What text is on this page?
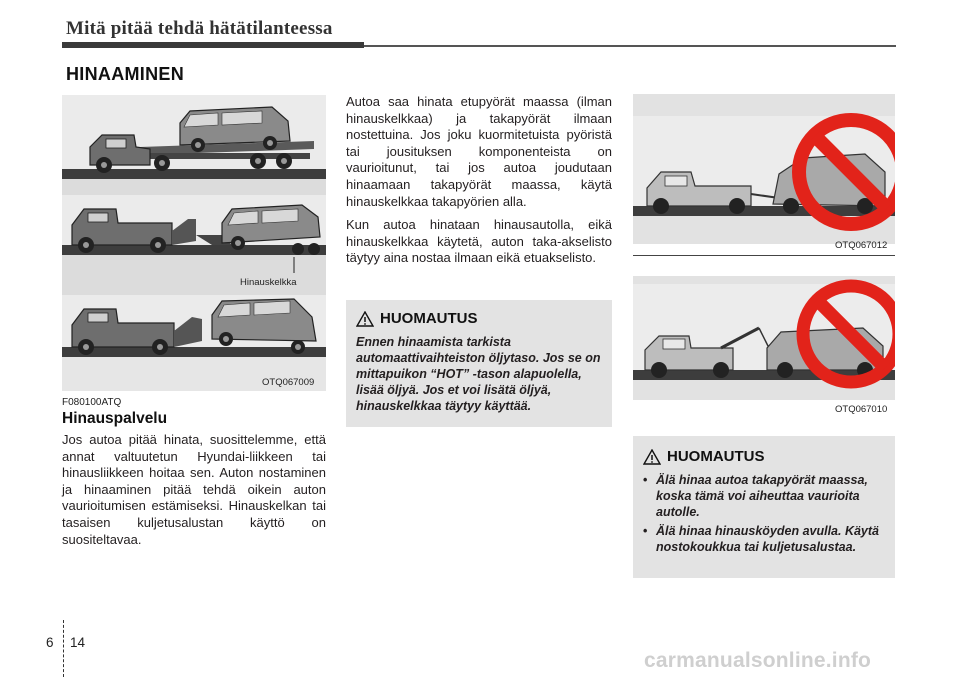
Mitä pitää tehdä hätätilanteessa
HINAAMINEN
Hinauskelkka
OTQ067009
F080100ATQ
Hinauspalvelu
Jos autoa pitää hinata, suosittelemme, että annat valtuutetun Hyundai-liikkeen tai hinausliikkeen hoitaa sen. Auton nostaminen ja hinaaminen pitää tehdä oikein auton vaurioitumisen estämiseksi. Hinauskelkan tai tasaisen kuljetusalustan käyttö on suositeltavaa.

Autoa saa hinata etupyörät maassa (ilman hinauskelkkaa) ja takapyörät ilmaan nostettuina. Jos joku kuormitetuista pyöristä tai jousituksen komponenteista on vaurioitunut, tai jos autoa joudutaan hinaamaan takapyörät maassa, käytä hinauskelkkaa takapyörien alla.

Kun autoa hinataan hinausautolla, eikä hinauskelkkaa käytetä, auton taka-akselisto täytyy aina nostaa ilmaan eikä etuakselisto.

HUOMAUTUS
Ennen hinaamista tarkista automaattivaihteiston öljytaso. Jos se on mittapuikon “HOT” -tason alapuolella, lisää öljyä. Jos et voi lisätä öljyä, hinauskelkkaa täytyy käyttää.
OTQ067012
OTQ067010
HUOMAUTUS
• Älä hinaa autoa takapyörät maassa, koska tämä voi aiheuttaa vaurioita autolle.
• Älä hinaa hinausköyden avulla. Käytä nostokoukkua tai kuljetusalustaa.
6 14
carmanualsonline.info
